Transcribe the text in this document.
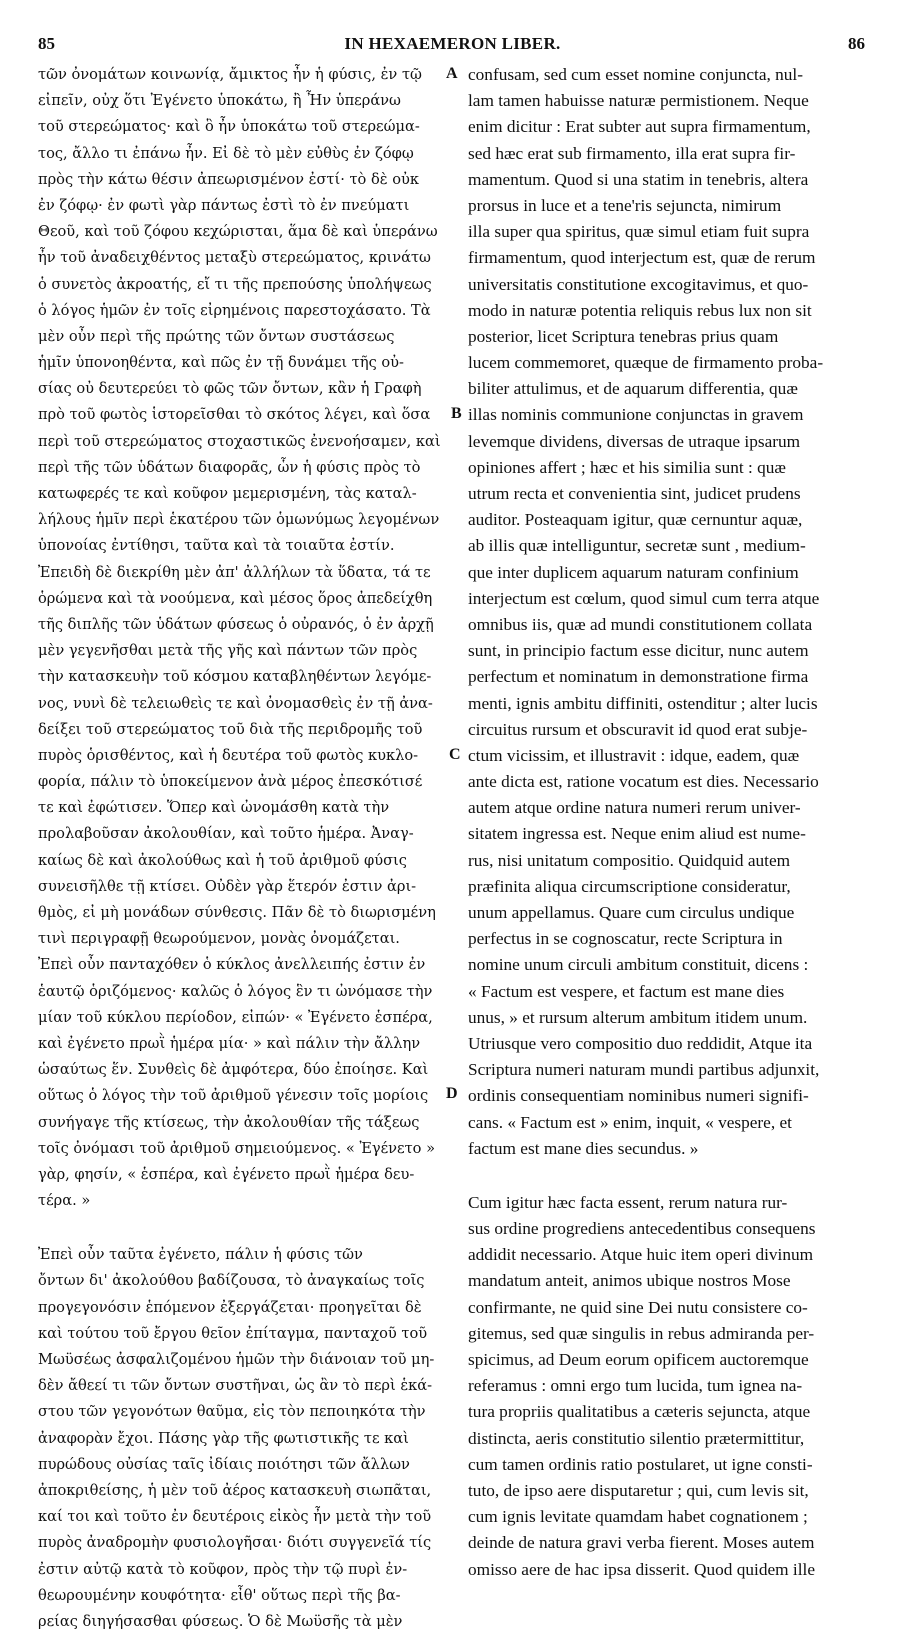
85	IN HEXAEMERON LIBER.	86
τῶν ὀνομάτων κοινωνίᾳ, ἄμικτος ἦν ἡ φύσις, ἐν τῷ
εἰπεῖν, οὐχ ὅτι Ἐγένετο ὑποκάτω, ἢ Ἦν ὑπεράνω
τοῦ στερεώματος· καὶ ὃ ἦν ὑποκάτω τοῦ στερεώμα-
τος, ἄλλο τι ἐπάνω ἦν. Εἰ δὲ τὸ μὲν εὐθὺς ἐν ζόφῳ
πρὸς τὴν κάτω θέσιν ἀπεωρισμένον ἐστί· τὸ δὲ οὐκ
ἐν ζόφῳ· ἐν φωτὶ γὰρ πάντως ἐστὶ τὸ ἐν πνεύματι
Θεοῦ, καὶ τοῦ ζόφου κεχώρισται, ἅμα δὲ καὶ ὑπεράνω
ἦν τοῦ ἀναδειχθέντος μεταξὺ στερεώματος, κρινάτω
ὁ συνετὸς ἀκροατής, εἴ τι τῆς πρεπούσης ὑπολήψεως
ὁ λόγος ἡμῶν ἐν τοῖς εἰρημένοις παρεστοχάσατο. Τὰ
μὲν οὖν περὶ τῆς πρώτης τῶν ὄντων συστάσεως
ἡμῖν ὑπονοηθέντα, καὶ πῶς ἐν τῇ δυνάμει τῆς οὐ-
σίας οὐ δευτερεύει τὸ φῶς τῶν ὄντων, κἂν ἡ Γραφὴ
πρὸ τοῦ φωτὸς ἱστορεῖσθαι τὸ σκότος λέγει, καὶ ὅσα
περὶ τοῦ στερεώματος στοχαστικῶς ἐνενοήσαμεν, καὶ
περὶ τῆς τῶν ὑδάτων διαφορᾶς, ὧν ἡ φύσις πρὸς τὸ
κατωφερές τε καὶ κοῦφον μεμερισμένη, τὰς καταλ-
λήλους ἡμῖν περὶ ἑκατέρου τῶν ὁμωνύμως λεγομένων
ὑπονοίας ἐντίθησι, ταῦτα καὶ τὰ τοιαῦτα ἐστίν.
Ἐπειδὴ δὲ διεκρίθη μὲν ἀπ' ἀλλήλων τὰ ὕδατα, τά τε
ὁρώμενα καὶ τὰ νοούμενα, καὶ μέσος ὅρος ἀπεδείχθη
τῆς διπλῆς τῶν ὑδάτων φύσεως ὁ οὐρανός, ὁ ἐν ἀρχῇ
μὲν γεγενῆσθαι μετὰ τῆς γῆς καὶ πάντων τῶν πρὸς
τὴν κατασκευὴν τοῦ κόσμου καταβληθέντων λεγόμε-
νος, νυνὶ δὲ τελειωθεὶς τε καὶ ὀνομασθεὶς ἐν τῇ ἀνα-
δείξει τοῦ στερεώματος τοῦ διὰ τῆς περιδρομῆς τοῦ
πυρὸς ὁρισθέντος, καὶ ἡ δευτέρα τοῦ φωτὸς κυκλο-
φορία, πάλιν τὸ ὑποκείμενον ἀνὰ μέρος ἐπεσκότισέ
τε καὶ ἐφώτισεν. Ὅπερ καὶ ὠνομάσθη κατὰ τὴν
προλαβοῦσαν ἀκολουθίαν, καὶ τοῦτο ἡμέρα. Ἀναγ-
καίως δὲ καὶ ἀκολούθως καὶ ἡ τοῦ ἀριθμοῦ φύσις
συνεισῆλθε τῇ κτίσει. Οὐδὲν γὰρ ἕτερόν ἐστιν ἀρι-
θμὸς, εἰ μὴ μονάδων σύνθεσις. Πᾶν δὲ τὸ διωρισμένη
τινὶ περιγραφῇ θεωρούμενον, μονὰς ὀνομάζεται.
Ἐπεὶ οὖν πανταχόθεν ὁ κύκλος ἀνελλειπής ἐστιν ἐν
ἑαυτῷ ὁριζόμενος· καλῶς ὁ λόγος ἓν τι ὠνόμασε τὴν
μίαν τοῦ κύκλου περίοδον, εἰπών· « Ἐγένετο ἑσπέρα,
καὶ ἐγένετο πρωῒ ἡμέρα μία· » καὶ πάλιν τὴν ἄλλην
ὡσαύτως ἕν. Συνθεὶς δὲ ἀμφότερα, δύο ἐποίησε. Καὶ
οὕτως ὁ λόγος τὴν τοῦ ἀριθμοῦ γένεσιν τοῖς μορίοις
συνήγαγε τῆς κτίσεως, τὴν ἀκολουθίαν τῆς τάξεως
τοῖς ὀνόμασι τοῦ ἀριθμοῦ σημειούμενος. « Ἐγένετο »
γὰρ, φησίν, « ἑσπέρα, καὶ ἐγένετο πρωῒ ἡμέρα δευ-
τέρα. »
Ἐπεὶ οὖν ταῦτα ἐγένετο, πάλιν ἡ φύσις τῶν
ὄντων δι' ἀκολούθου βαδίζουσα, τὸ ἀναγκαίως τοῖς
προγεγονόσιν ἑπόμενον ἐξεργάζεται· προηγεῖται δὲ
καὶ τούτου τοῦ ἔργου θεῖον ἐπίταγμα, πανταχοῦ τοῦ
Μωϋσέως ἀσφαλιζομένου ἡμῶν τὴν διάνοιαν τοῦ μη-
δὲν ἄθεεί τι τῶν ὄντων συστῆναι, ὡς ἂν τὸ περὶ ἑκά-
στου τῶν γεγονότων θαῦμα, εἰς τὸν πεποιηκότα τὴν
ἀναφορὰν ἔχοι. Πάσης γὰρ τῆς φωτιστικῆς τε καὶ
πυρώδους οὐσίας ταῖς ἰδίαις ποιότησι τῶν ἄλλων
ἀποκριθείσης, ἡ μὲν τοῦ ἀέρος κατασκευὴ σιωπᾶται,
καί τοι καὶ τοῦτο ἐν δευτέροις εἰκὸς ἦν μετὰ τὴν τοῦ
πυρὸς ἀναδρομὴν φυσιολογῆσαι· διότι συγγενεῖά τίς
ἐστιν αὐτῷ κατὰ τὸ κοῦφον, πρὸς τὴν τῷ πυρὶ ἐν-
θεωρουμένην κουφότητα· εἶθ' οὕτως περὶ τῆς βα-
ρείας διηγήσασθαι φύσεως. Ὁ δὲ Μωϋσῆς τὰ μὲν
confusam, sed cum esset nomine conjuncta, nul-
lam tamen habuisse naturæ permistionem. Neque
enim dicitur : Erat subter aut supra firmamentum,
sed hæc erat sub firmamento, illa erat supra fir-
mamentum. Quod si una statim in tenebris, altera
prorsus in luce et a tene'ris sejuncta, nimirum
illa super qua spiritus, quæ simul etiam fuit supra
firmamentum, quod interjectum est, quæ de rerum
universitatis constitutione excogitavimus, et quo-
modo in naturæ potentia reliquis rebus lux non sit
posterior, licet Scriptura tenebras prius quam
lucem commemoret, quæque de firmamento proba-
biliter attulimus, et de aquarum differentia, quæ
illas nominis communione conjunctas in gravem
levemque dividens, diversas de utraque ipsarum
opiniones affert ; hæc et his similia sunt : quæ
utrum recta et convenientia sint, judicet prudens
auditor. Posteaquam igitur, quæ cernuntur aquæ,
ab illis quæ intelliguntur, secretæ sunt , medium-
que inter duplicem aquarum naturam confinium
interjectum est cœlum, quod simul cum terra atque
omnibus iis, quæ ad mundi constitutionem collata
sunt, in principio factum esse dicitur, nunc autem
perfectum et nominatum in demonstratione firma
menti, ignis ambitu diffiniti, ostenditur ; alter lucis
circuitus rursum et obscuravit id quod erat subje-
ctum vicissim, et illustravit : idque, eadem, quæ
ante dicta est, ratione vocatum est dies. Necessario
autem atque ordine natura numeri rerum univer-
sitatem ingressa est. Neque enim aliud est nume-
rus, nisi unitatum compositio. Quidquid autem
præfinita aliqua circumscriptione consideratur,
unum appellamus. Quare cum circulus undique
perfectus in se cognoscatur, recte Scriptura in
nomine unum circuli ambitum constituit, dicens :
« Factum est vespere, et factum est mane dies
unus, » et rursum alterum ambitum itidem unum.
Utriusque vero compositio duo reddidit, Atque ita
Scriptura numeri naturam mundi partibus adjunxit,
ordinis consequentiam nominibus numeri signifi-
cans. « Factum est » enim, inquit, « vespere, et
factum est mane dies secundus. »
Cum igitur hæc facta essent, rerum natura rur-
sus ordine progrediens antecedentibus consequens
addidit necessario. Atque huic item operi divinum
mandatum anteit, animos ubique nostros Mose
confirmante, ne quid sine Dei nutu consistere co-
gitemus, sed quæ singulis in rebus admiranda per-
spicimus, ad Deum eorum opificem auctoremque
referamus : omni ergo tum lucida, tum ignea na-
tura propriis qualitatibus a cæteris sejuncta, atque
distincta, aeris constitutio silentio prætermittitur,
cum tamen ordinis ratio postularet, ut igne consti-
tuto, de ipso aere disputaretur ; qui, cum levis sit,
cum ignis levitate quamdam habet cognationem ;
deinde de natura gravi verba fierent. Moses autem
omisso aere de hac ipsa disserit. Quod quidem ille
A
B
C
D
